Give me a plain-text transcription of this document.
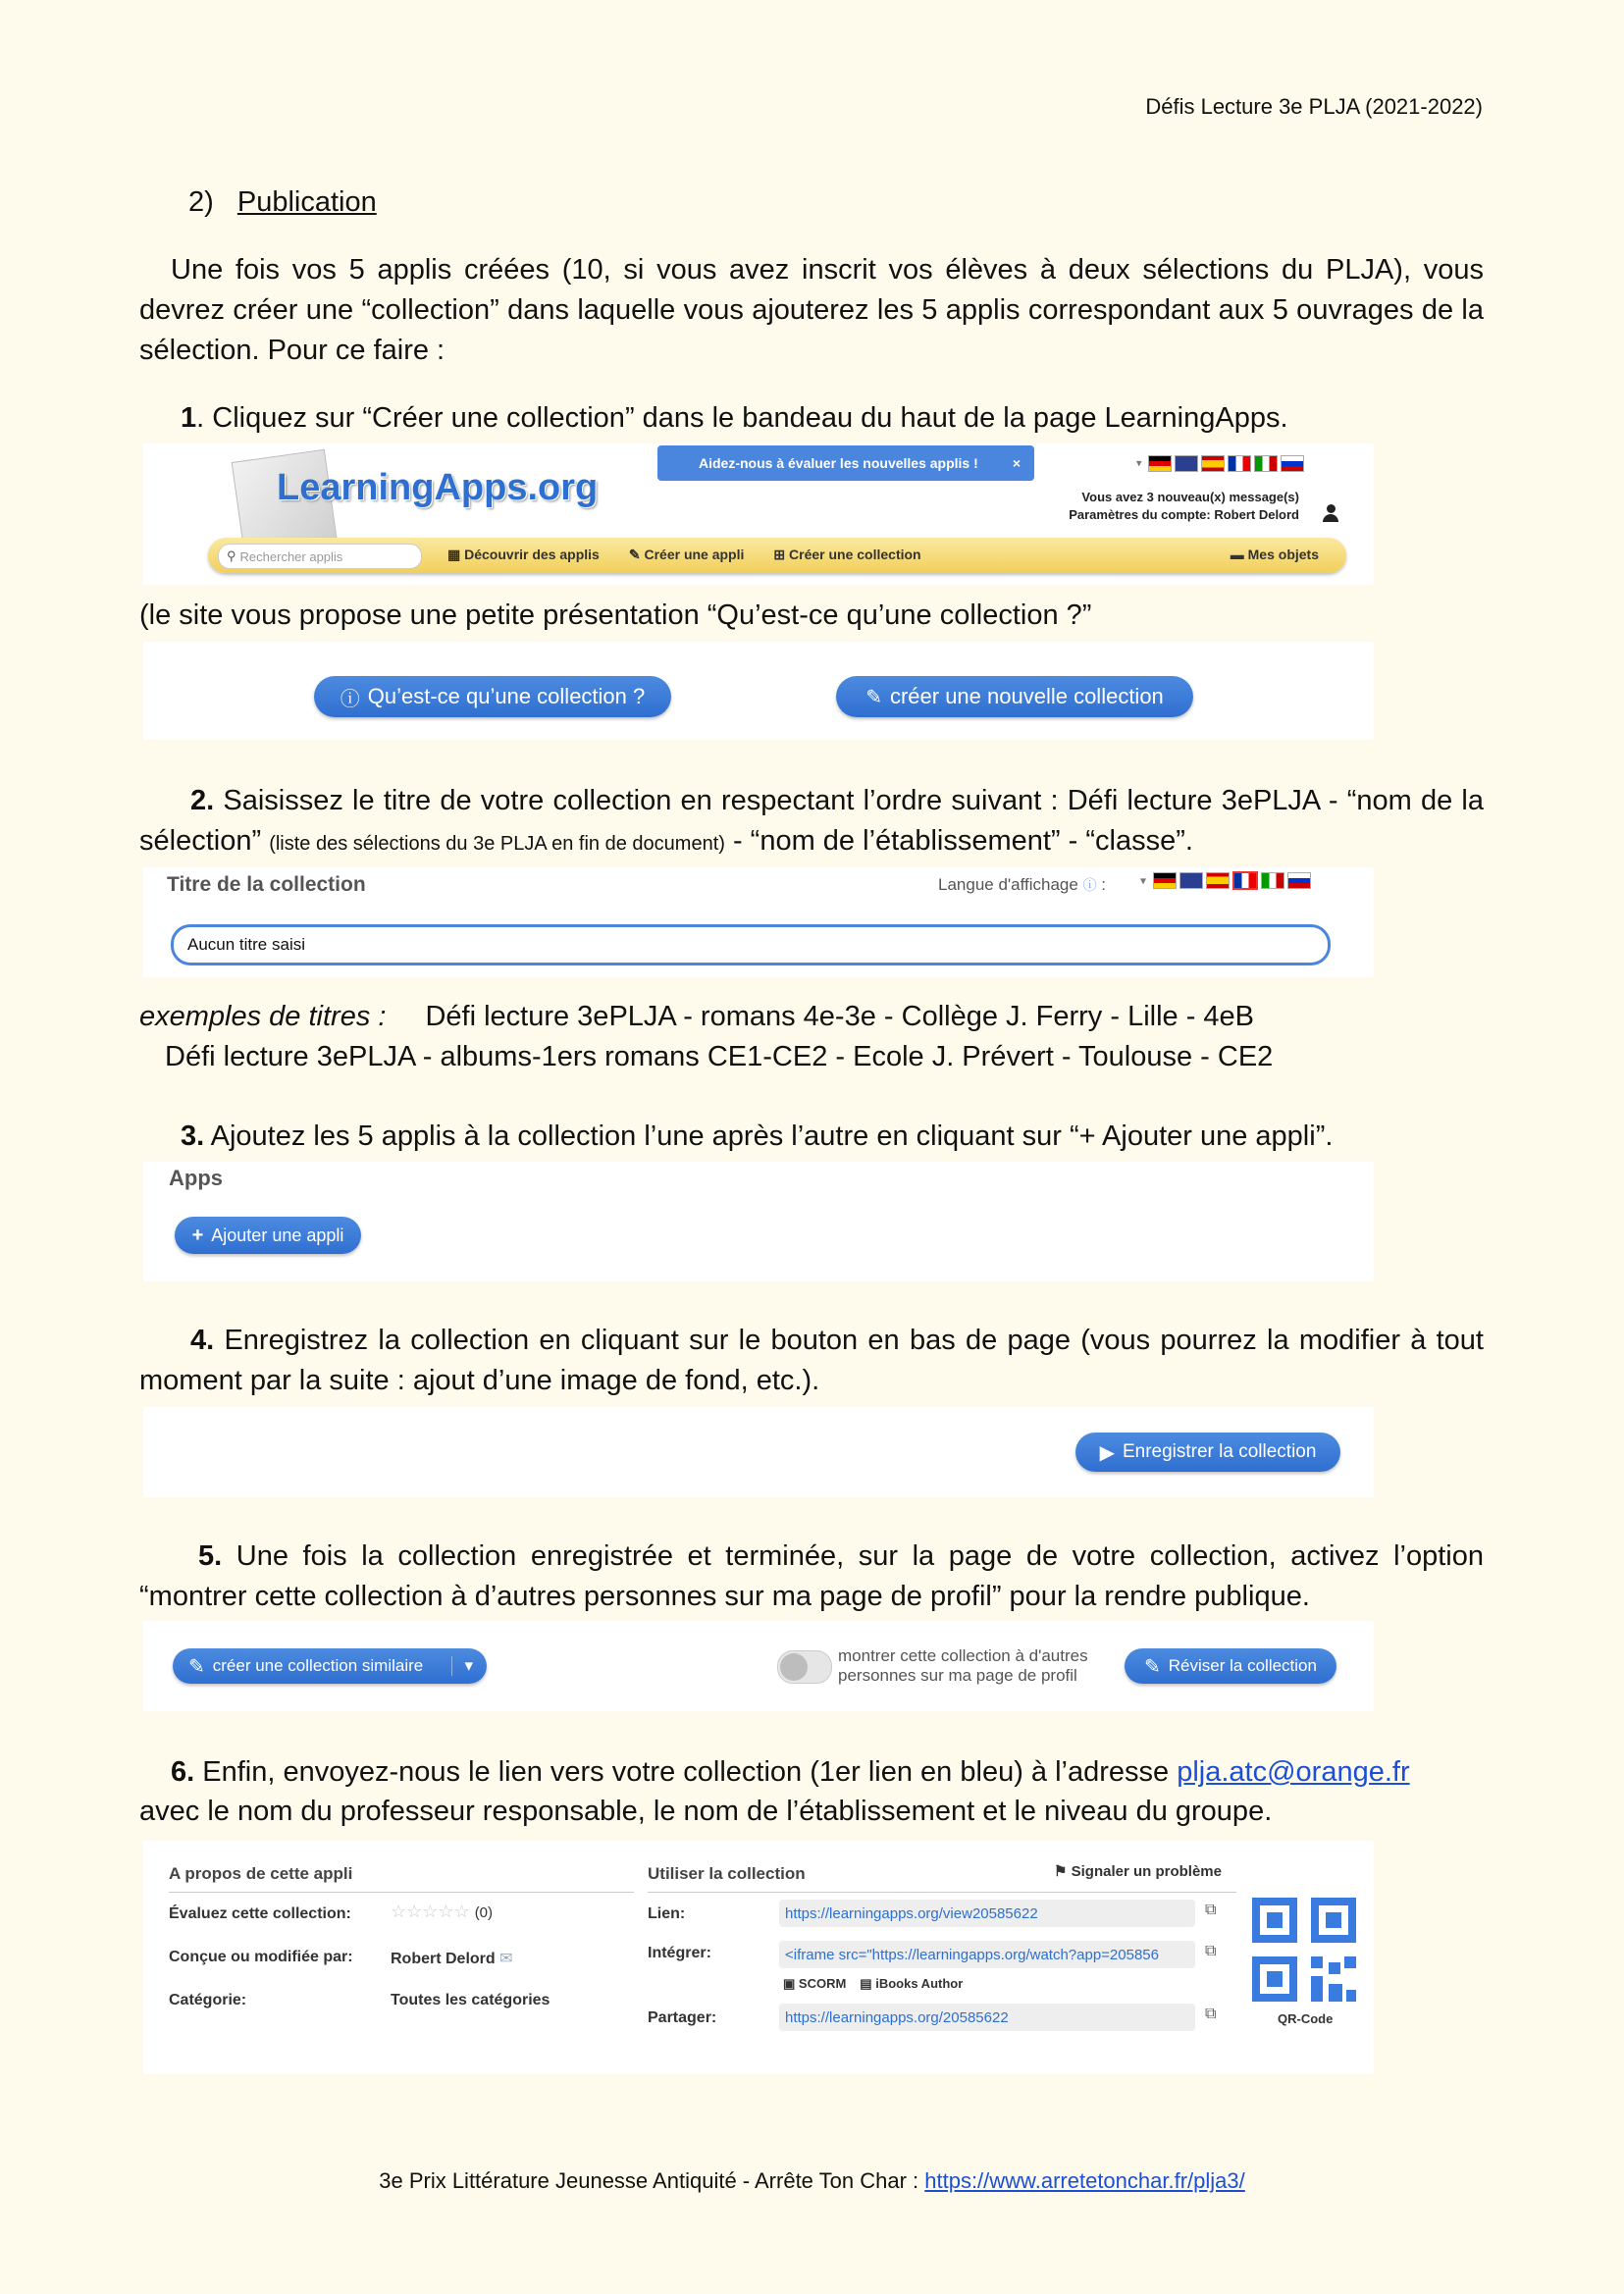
Défis Lecture 3e PLJA (2021-2022)
2) Publication
Une fois vos 5 applis créées (10, si vous avez inscrit vos élèves à deux sélections du PLJA), vous devrez créer une “collection” dans laquelle vous ajouterez les 5 applis correspondant aux 5 ouvrages de la sélection. Pour ce faire :
1. Cliquez sur “Créer une collection” dans le bandeau du haut de la page LearningApps.
LearningApps.org
Aidez-nous à évaluer les nouvelles applis !	×	▾
Vous avez 3 nouveau(x) message(s)
Paramètres du compte: Robert Delord
⚲ Rechercher applis	▦ Découvrir des applis ✎ Créer une appli ⊞ Créer une collection	▬ Mes objets
(le site vous propose une petite présentation “Qu’est-ce qu’une collection ?”
ⓘ Qu’est-ce qu’une collection ?	✎ créer une nouvelle collection
2. Saisissez le titre de votre collection en respectant l’ordre suivant : Défi lecture 3ePLJA - “nom de la sélection” (liste des sélections du 3e PLJA en fin de document) - “nom de l’établissement” - “classe”.
Titre de la collection	Langue d'affichage ⓘ :	▾
Aucun titre saisi
exemples de titres : Défi lecture 3ePLJA - romans 4e-3e - Collège J. Ferry - Lille - 4eB
Défi lecture 3ePLJA - albums-1ers romans CE1-CE2 - Ecole J. Prévert - Toulouse - CE2
3. Ajoutez les 5 applis à la collection l’une après l’autre en cliquant sur “+ Ajouter une appli”.
Apps
+ Ajouter une appli
4. Enregistrez la collection en cliquant sur le bouton en bas de page (vous pourrez la modifier à tout moment par la suite : ajout d’une image de fond, etc.).
▶ Enregistrer la collection
5. Une fois la collection enregistrée et terminée, sur la page de votre collection, activez l’option “montrer cette collection à d’autres personnes sur ma page de profil” pour la rendre publique.
✎ créer une collection similaire	▾
montrer cette collection à d'autres
personnes sur ma page de profil	✎ Réviser la collection
6. Enfin, envoyez-nous le lien vers votre collection (1er lien en bleu) à l’adresse plja.atc@orange.fr
avec le nom du professeur responsable, le nom de l’établissement et le niveau du groupe.
A propos de cette appli
Évaluez cette collection: ☆☆☆☆☆ (0)
Conçue ou modifiée par: Robert Delord ✉
Catégorie:	Toutes les catégories
Utiliser la collection	⚑ Signaler un problème
Lien:	https://learningapps.org/view20585622	⧉
Intégrer:	<iframe src="https://learningapps.org/watch?app=205856	⧉
▣ SCORM ▤ iBooks Author
Partager:	https://learningapps.org/20585622	⧉	QR-Code
3e Prix Littérature Jeunesse Antiquité - Arrête Ton Char : https://www.arretetonchar.fr/plja3/
